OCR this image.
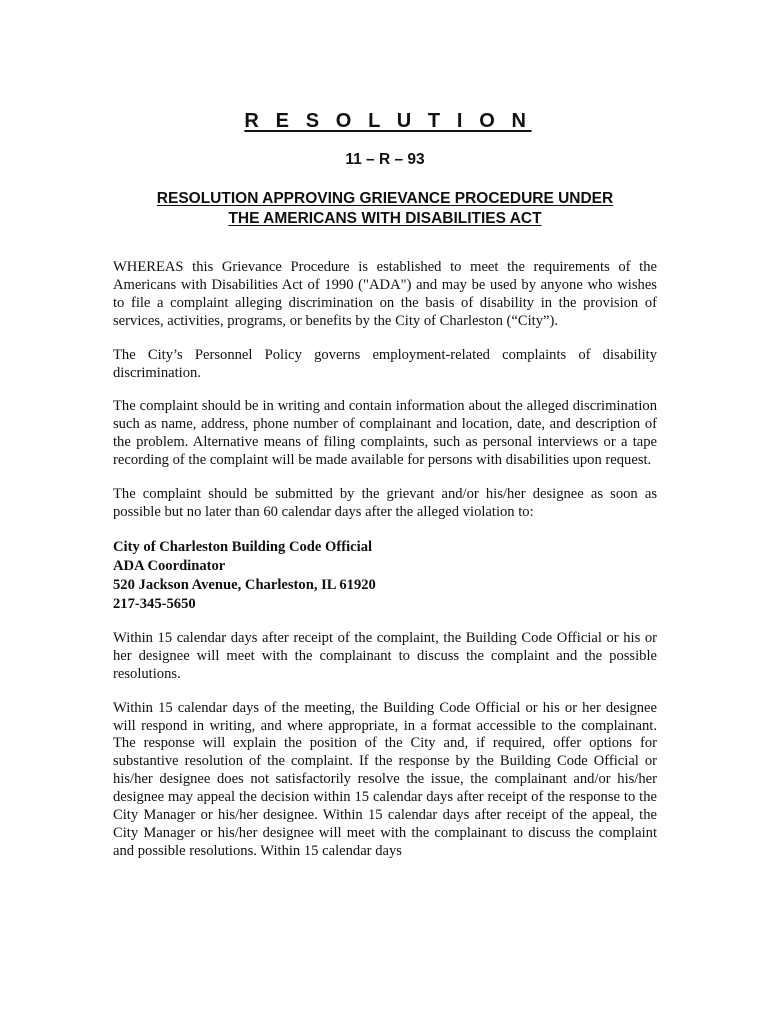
R E S O L U T I O N
11 – R – 93
RESOLUTION APPROVING GRIEVANCE PROCEDURE UNDER
THE AMERICANS WITH DISABILITIES ACT

WHEREAS this Grievance Procedure is established to meet the requirements of the Americans with Disabilities Act of 1990 ("ADA") and may be used by anyone who wishes to file a complaint alleging discrimination on the basis of disability in the provision of services, activities, programs, or benefits by the City of Charleston (“City”).

The City’s Personnel Policy governs employment-related complaints of disability discrimination.

The complaint should be in writing and contain information about the alleged discrimination such as name, address, phone number of complainant and location, date, and description of the problem. Alternative means of filing complaints, such as personal interviews or a tape recording of the complaint will be made available for persons with disabilities upon request.

The complaint should be submitted by the grievant and/or his/her designee as soon as possible but no later than 60 calendar days after the alleged violation to:

City of Charleston Building Code Official
ADA Coordinator
520 Jackson Avenue, Charleston, IL 61920
217-345-5650

Within 15 calendar days after receipt of the complaint, the Building Code Official or his or her designee will meet with the complainant to discuss the complaint and the possible resolutions.

Within 15 calendar days of the meeting, the Building Code Official or his or her designee will respond in writing, and where appropriate, in a format accessible to the complainant. The response will explain the position of the City and, if required, offer options for substantive resolution of the complaint. If the response by the Building Code Official or his/her designee does not satisfactorily resolve the issue, the complainant and/or his/her designee may appeal the decision within 15 calendar days after receipt of the response to the City Manager or his/her designee. Within 15 calendar days after receipt of the appeal, the City Manager or his/her designee will meet with the complainant to discuss the complaint and possible resolutions. Within 15 calendar days
